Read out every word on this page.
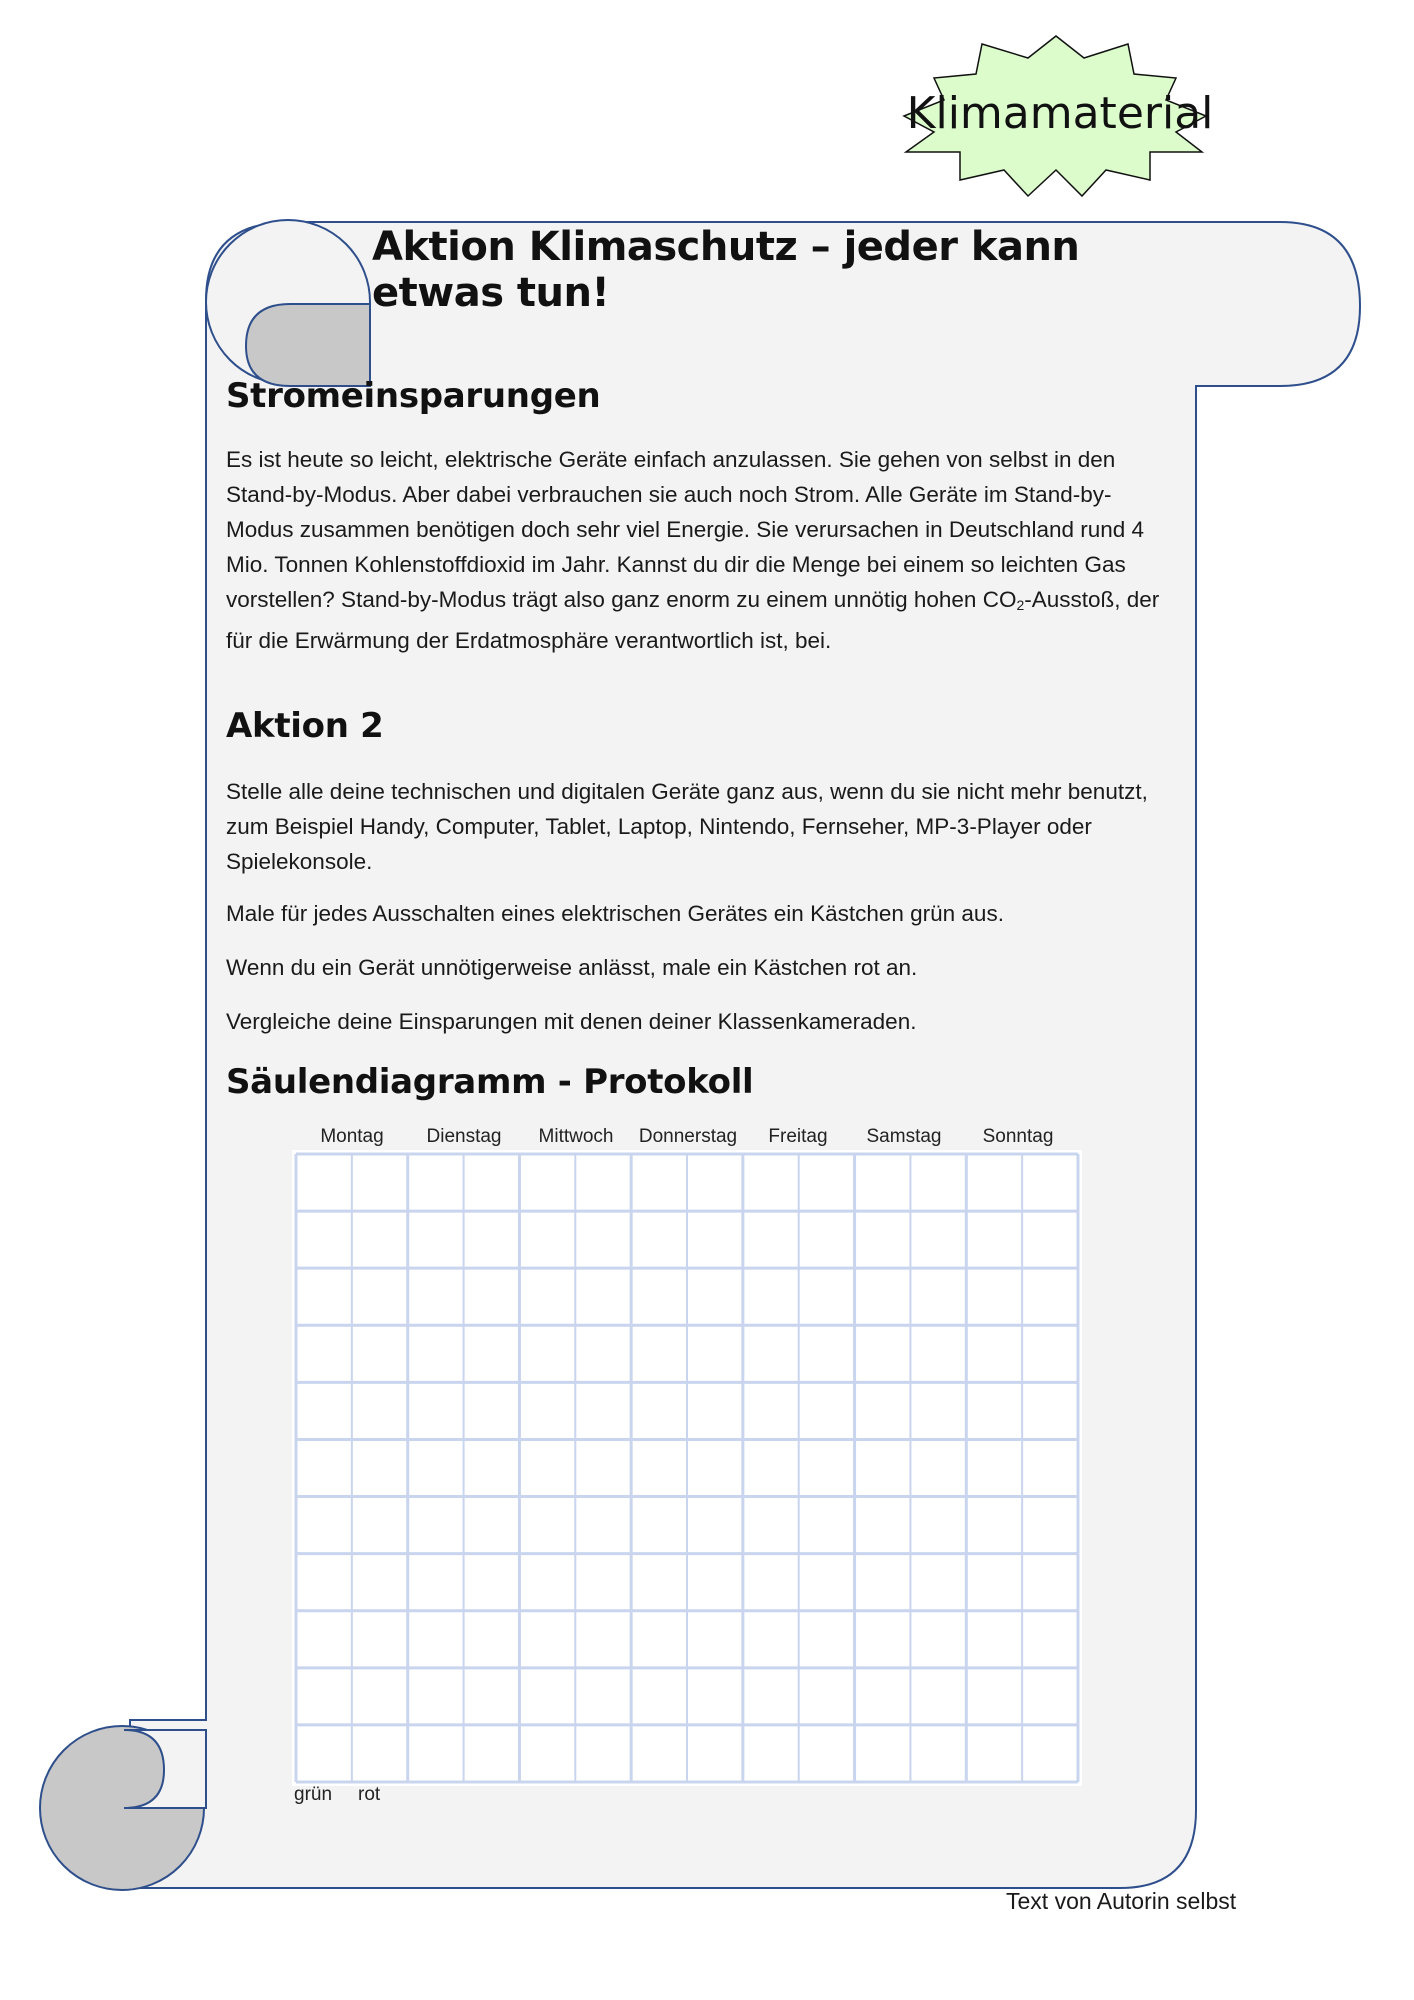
Klimamaterial
Aktion Klimaschutz – jeder kann etwas tun!
Stromeinsparungen
Es ist heute so leicht, elektrische Geräte einfach anzulassen. Sie gehen von selbst in den Stand-by-Modus. Aber dabei verbrauchen sie auch noch Strom. Alle Geräte im Stand-by-Modus zusammen benötigen doch sehr viel Energie. Sie verursachen in Deutschland rund 4 Mio. Tonnen Kohlenstoffdioxid im Jahr. Kannst du dir die Menge bei einem so leichten Gas vorstellen? Stand-by-Modus trägt also ganz enorm zu einem unnötig hohen $CO_2$-Ausstoß, der für die Erwärmung der Erdatmosphäre verantwortlich ist, bei.
Aktion 2
Stelle alle deine technischen und digitalen Geräte ganz aus, wenn du sie nicht mehr benutzt, zum Beispiel Handy, Computer, Tablet, Laptop, Nintendo, Fernseher, MP-3-Player oder Spielekonsole.
Male für jedes Ausschalten eines elektrischen Gerätes ein Kästchen grün aus.
Wenn du ein Gerät unnötigerweise anlässt, male ein Kästchen rot an.
Vergleiche deine Einsparungen mit denen deiner Klassenkameraden.
Säulendiagramm - Protokoll
Montag	Dienstag	Mittwoch	Donnerstag	Freitag	Samstag	Sonntag
grün rot
Text von Autorin selbst
